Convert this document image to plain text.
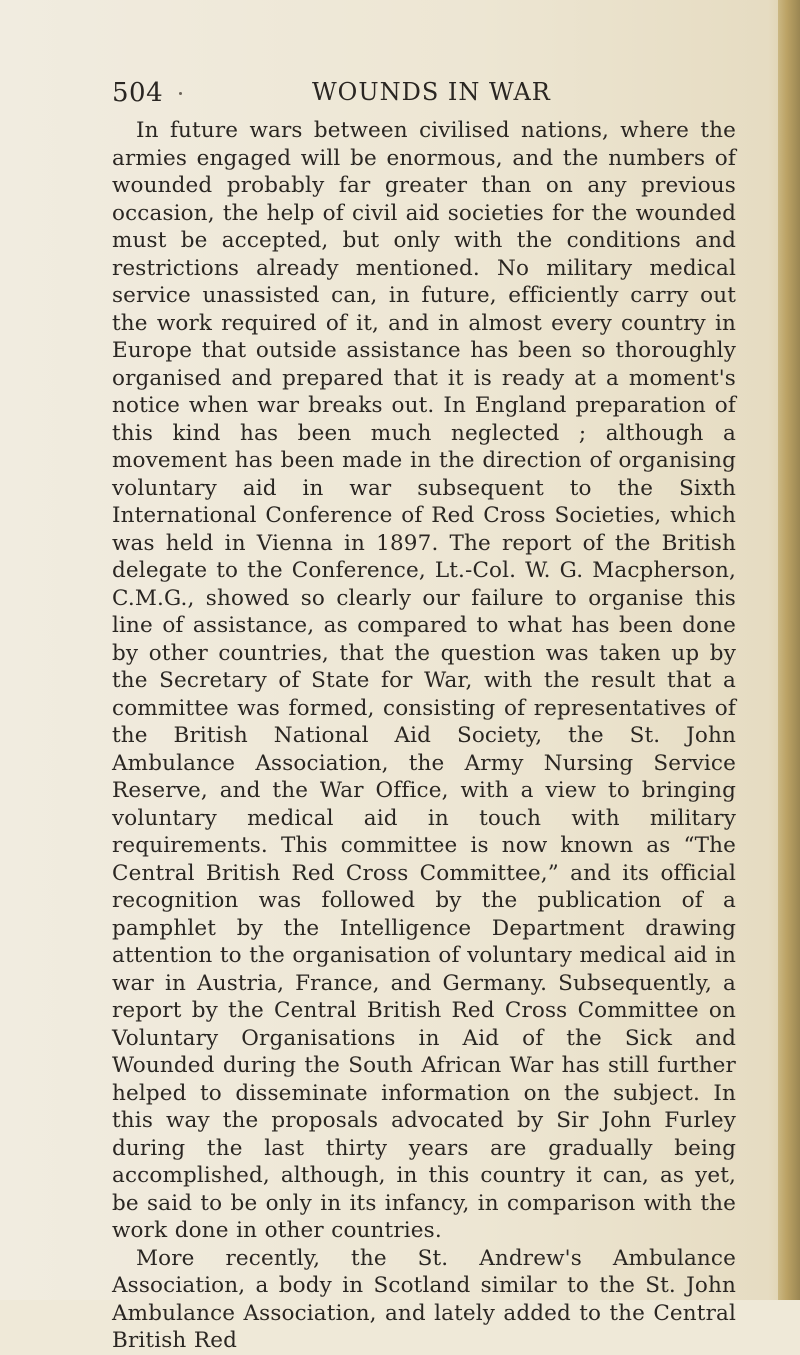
504	WOUNDS IN WAR

In future wars between civilised nations, where the armies engaged will be enormous, and the numbers of wounded probably far greater than on any previous occasion, the help of civil aid societies for the wounded must be accepted, but only with the conditions and restrictions already mentioned. No military medical service unassisted can, in future, efficiently carry out the work required of it, and in almost every country in Europe that outside assistance has been so thoroughly organised and prepared that it is ready at a moment's notice when war breaks out. In England preparation of this kind has been much neglected ; although a movement has been made in the direction of organising voluntary aid in war subsequent to the Sixth International Conference of Red Cross Societies, which was held in Vienna in 1897. The report of the British delegate to the Conference, Lt.-Col. W. G. Macpherson, C.M.G., showed so clearly our failure to organise this line of assistance, as compared to what has been done by other countries, that the question was taken up by the Secretary of State for War, with the result that a committee was formed, consisting of representatives of the British National Aid Society, the St. John Ambulance Association, the Army Nursing Service Reserve, and the War Office, with a view to bringing voluntary medical aid in touch with military requirements. This committee is now known as “The Central British Red Cross Committee,” and its official recognition was followed by the publication of a pamphlet by the Intelligence Department drawing attention to the organisation of voluntary medical aid in war in Austria, France, and Germany. Subsequently, a report by the Central British Red Cross Committee on Voluntary Organisations in Aid of the Sick and Wounded during the South African War has still further helped to disseminate information on the subject. In this way the proposals advocated by Sir John Furley during the last thirty years are gradually being accomplished, although, in this country it can, as yet, be said to be only in its infancy, in comparison with the work done in other countries.

More recently, the St. Andrew's Ambulance Association, a body in Scotland similar to the St. John Ambulance Association, and lately added to the Central British Red
